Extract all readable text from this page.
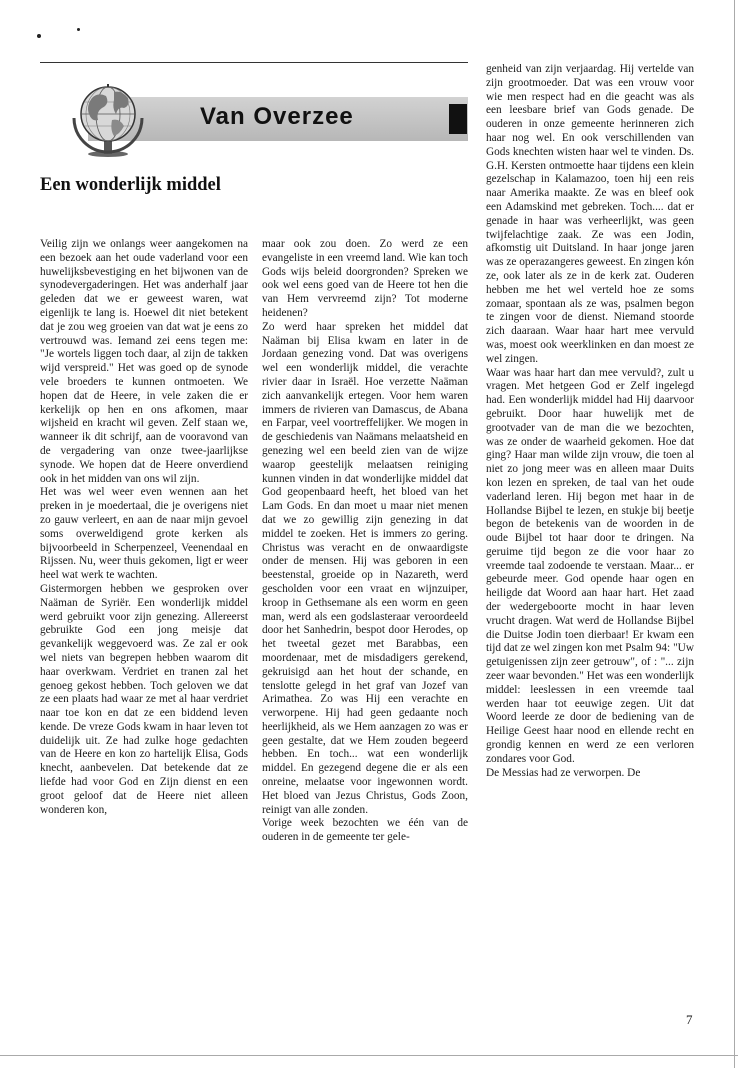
Van Overzee
Een wonderlijk middel

Veilig zijn we onlangs weer aangekomen na een bezoek aan het oude vaderland voor een huwelijksbevestiging en het bijwonen van de synodevergaderingen. Het was anderhalf jaar geleden dat we er geweest waren, wat eigenlijk te lang is. Hoewel dit niet betekent dat je zou weg groeien van dat wat je eens zo vertrouwd was. Iemand zei eens tegen me: "Je wortels liggen toch daar, al zijn de takken wijd verspreid." Het was goed op de synode vele broeders te kunnen ontmoeten. We hopen dat de Heere, in vele zaken die er kerkelijk op hen en ons afkomen, maar wijsheid en kracht wil geven. Zelf staan we, wanneer ik dit schrijf, aan de vooravond van de vergadering van onze twee-jaarlijkse synode. We hopen dat de Heere onverdiend ook in het midden van ons wil zijn.

Het was wel weer even wennen aan het preken in je moedertaal, die je overigens niet zo gauw verleert, en aan de naar mijn gevoel soms overweldigend grote kerken als bijvoorbeeld in Scherpenzeel, Veenendaal en Rijssen. Nu, weer thuis gekomen, ligt er weer heel wat werk te wachten.

Gistermorgen hebben we gesproken over Naäman de Syriër. Een wonderlijk middel werd gebruikt voor zijn genezing. Allereerst gebruikte God een jong meisje dat gevankelijk weggevoerd was. Ze zal er ook wel niets van begrepen hebben waarom dit haar overkwam. Verdriet en tranen zal het genoeg gekost hebben. Toch geloven we dat ze een plaats had waar ze met al haar verdriet naar toe kon en dat ze een biddend leven kende. De vreze Gods kwam in haar leven tot duidelijk uit. Ze had zulke hoge gedachten van de Heere en kon zo hartelijk Elisa, Gods knecht, aanbevelen. Dat betekende dat ze liefde had voor God en Zijn dienst en een groot geloof dat de Heere niet alleen wonderen kon,

maar ook zou doen. Zo werd ze een evangeliste in een vreemd land. Wie kan toch Gods wijs beleid doorgronden? Spreken we ook wel eens goed van de Heere tot hen die van Hem vervreemd zijn? Tot moderne heidenen?

Zo werd haar spreken het middel dat Naäman bij Elisa kwam en later in de Jordaan genezing vond. Dat was overigens wel een wonderlijk middel, die verachte rivier daar in Israël. Hoe verzette Naäman zich aanvankelijk ertegen. Voor hem waren immers de rivieren van Damascus, de Abana en Farpar, veel voortreffelijker. We mogen in de geschiedenis van Naämans melaatsheid en genezing wel een beeld zien van de wijze waarop geestelijk melaatsen reiniging kunnen vinden in dat wonderlijke middel dat God geopenbaard heeft, het bloed van het Lam Gods. En dan moet u maar niet menen dat we zo gewillig zijn genezing in dat middel te zoeken. Het is immers zo gering. Christus was veracht en de onwaardigste onder de mensen. Hij was geboren in een beestenstal, groeide op in Nazareth, werd gescholden voor een vraat en wijnzuiper, kroop in Gethsemane als een worm en geen man, werd als een godslasteraar veroordeeld door het Sanhedrin, bespot door Herodes, op het tweetal gezet met Barabbas, een moordenaar, met de misdadigers gerekend, gekruisigd aan het hout der schande, en tenslotte gelegd in het graf van Jozef van Arimathea. Zo was Hij een verachte en verworpene. Hij had geen gedaante noch heerlijkheid, als we Hem aanzagen zo was er geen gestalte, dat we Hem zouden begeerd hebben. En toch... wat een wonderlijk middel. En gezegend degene die er als een onreine, melaatse voor ingewonnen wordt. Het bloed van Jezus Christus, Gods Zoon, reinigt van alle zonden.

Vorige week bezochten we één van de ouderen in de gemeente ter gele-

genheid van zijn verjaardag. Hij vertelde van zijn grootmoeder. Dat was een vrouw voor wie men respect had en die geacht was als een leesbare brief van Gods genade. De ouderen in onze gemeente herinneren zich haar nog wel. En ook verschillenden van Gods knechten wisten haar wel te vinden. Ds. G.H. Kersten ontmoette haar tijdens een klein gezelschap in Kalamazoo, toen hij een reis naar Amerika maakte. Ze was en bleef ook een Adamskind met gebreken. Toch.... dat er genade in haar was verheerlijkt, was geen twijfelachtige zaak. Ze was een Jodin, afkomstig uit Duitsland. In haar jonge jaren was ze operazangeres geweest. En zingen kón ze, ook later als ze in de kerk zat. Ouderen hebben me het wel verteld hoe ze soms zomaar, spontaan als ze was, psalmen begon te zingen voor de dienst. Niemand stoorde zich daaraan. Waar haar hart mee vervuld was, moest ook weerklinken en dan moest ze wel zingen.

Waar was haar hart dan mee vervuld?, zult u vragen. Met hetgeen God er Zelf ingelegd had. Een wonderlijk middel had Hij daarvoor gebruikt. Door haar huwelijk met de grootvader van de man die we bezochten, was ze onder de waarheid gekomen. Hoe dat ging? Haar man wilde zijn vrouw, die toen al niet zo jong meer was en alleen maar Duits kon lezen en spreken, de taal van het oude vaderland leren. Hij begon met haar in de Hollandse Bijbel te lezen, en stukje bij beetje begon de betekenis van de woorden in de oude Bijbel tot haar door te dringen. Na geruime tijd begon ze die voor haar zo vreemde taal zodoende te verstaan. Maar... er gebeurde meer. God opende haar ogen en heiligde dat Woord aan haar hart. Het zaad der wedergeboorte mocht in haar leven vrucht dragen. Wat werd de Hollandse Bijbel die Duitse Jodin toen dierbaar! Er kwam een tijd dat ze wel zingen kon met Psalm 94: "Uw getuigenissen zijn zeer getrouw", of : "... zijn zeer waar bevonden." Het was een wonderlijk middel: leeslessen in een vreemde taal werden haar tot eeuwige zegen. Uit dat Woord leerde ze door de bediening van de Heilige Geest haar nood en ellende recht en grondig kennen en werd ze een verloren zondares voor God.

De Messias had ze verworpen. De

7
